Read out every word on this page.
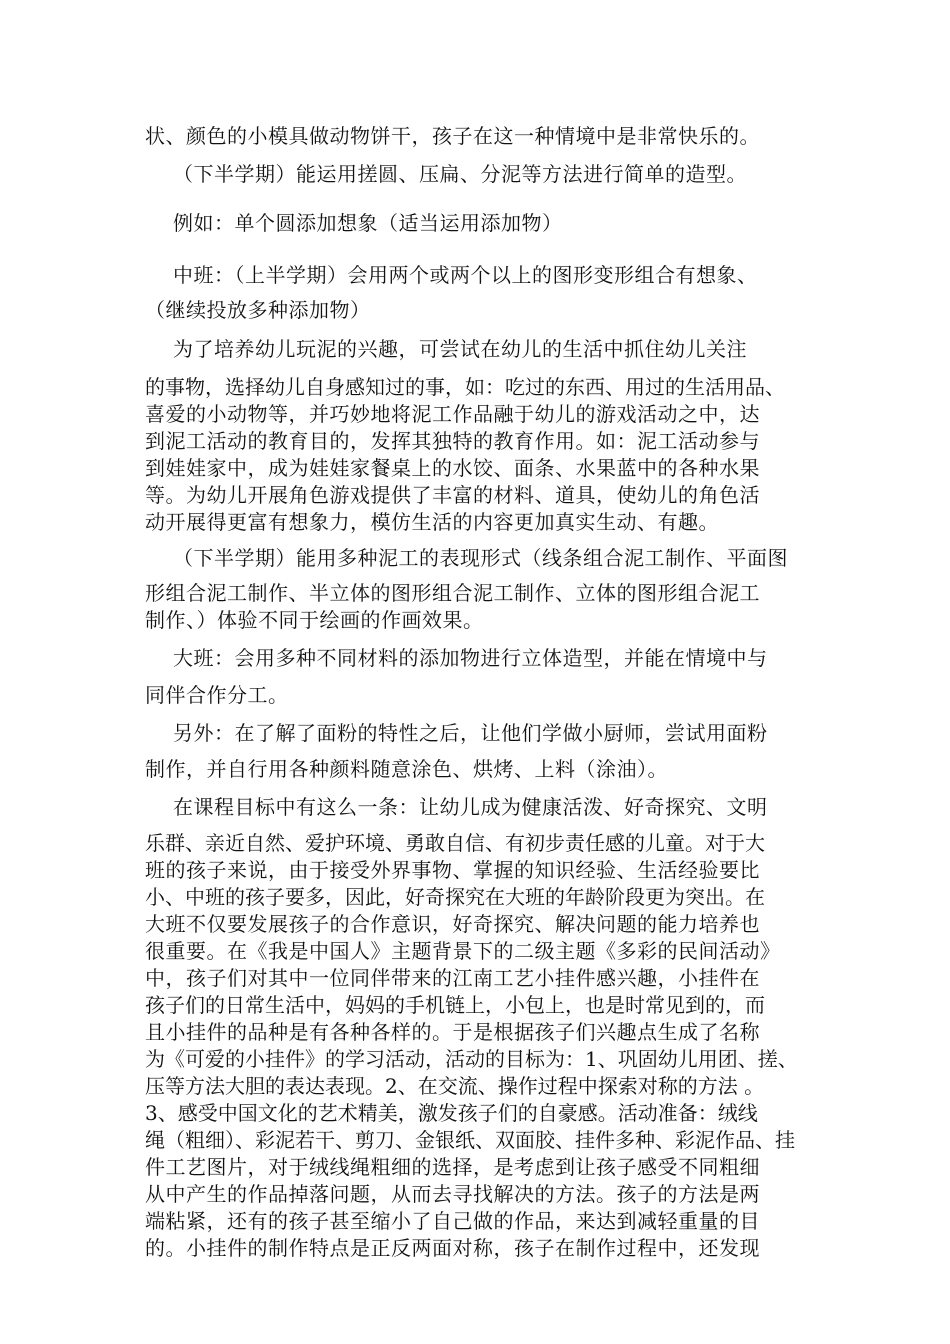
状、颜色的小模具做动物饼干，孩子在这一种情境中是非常快乐的。

（下半学期）能运用搓圆、压扁、分泥等方法进行简单的造型。

例如：单个圆添加想象（适当运用添加物）

中班：（上半学期）会用两个或两个以上的图形变形组合有想象、

（继续投放多种添加物）

为了培养幼儿玩泥的兴趣，可尝试在幼儿的生活中抓住幼儿关注

的事物，选择幼儿自身感知过的事，如：吃过的东西、用过的生活用品、

喜爱的小动物等，并巧妙地将泥工作品融于幼儿的游戏活动之中，达

到泥工活动的教育目的，发挥其独特的教育作用。如：泥工活动参与

到娃娃家中，成为娃娃家餐桌上的水饺、面条、水果蓝中的各种水果

等。为幼儿开展角色游戏提供了丰富的材料、道具，使幼儿的角色活

动开展得更富有想象力，模仿生活的内容更加真实生动、有趣。

（下半学期）能用多种泥工的表现形式（线条组合泥工制作、平面图

形组合泥工制作、半立体的图形组合泥工制作、立体的图形组合泥工

制作、）体验不同于绘画的作画效果。

大班：会用多种不同材料的添加物进行立体造型，并能在情境中与

同伴合作分工。

另外：在了解了面粉的特性之后，让他们学做小厨师，尝试用面粉

制作，并自行用各种颜料随意涂色、烘烤、上料（涂油）。

在课程目标中有这么一条：让幼儿成为健康活泼、好奇探究、文明

乐群、亲近自然、爱护环境、勇敢自信、有初步责任感的儿童。对于大

班的孩子来说，由于接受外界事物、掌握的知识经验、生活经验要比

小、中班的孩子要多，因此，好奇探究在大班的年龄阶段更为突出。在

大班不仅要发展孩子的合作意识，好奇探究、解决问题的能力培养也

很重要。在《我是中国人》主题背景下的二级主题《多彩的民间活动》

中，孩子们对其中一位同伴带来的江南工艺小挂件感兴趣，小挂件在

孩子们的日常生活中，妈妈的手机链上，小包上，也是时常见到的，而

且小挂件的品种是有各种各样的。于是根据孩子们兴趣点生成了名称

为《可爱的小挂件》的学习活动，活动的目标为：1、巩固幼儿用团、搓、

压等方法大胆的表达表现。2、在交流、操作过程中探索对称的方法 。

3、感受中国文化的艺术精美，激发孩子们的自豪感。活动准备：绒线

绳（粗细）、彩泥若干、剪刀、金银纸、双面胶、挂件多种、彩泥作品、挂

件工艺图片，对于绒线绳粗细的选择，是考虑到让孩子感受不同粗细

从中产生的作品掉落问题，从而去寻找解决的方法。孩子的方法是两

端粘紧，还有的孩子甚至缩小了自己做的作品，来达到减轻重量的目

的。小挂件的制作特点是正反两面对称，孩子在制作过程中，还发现
